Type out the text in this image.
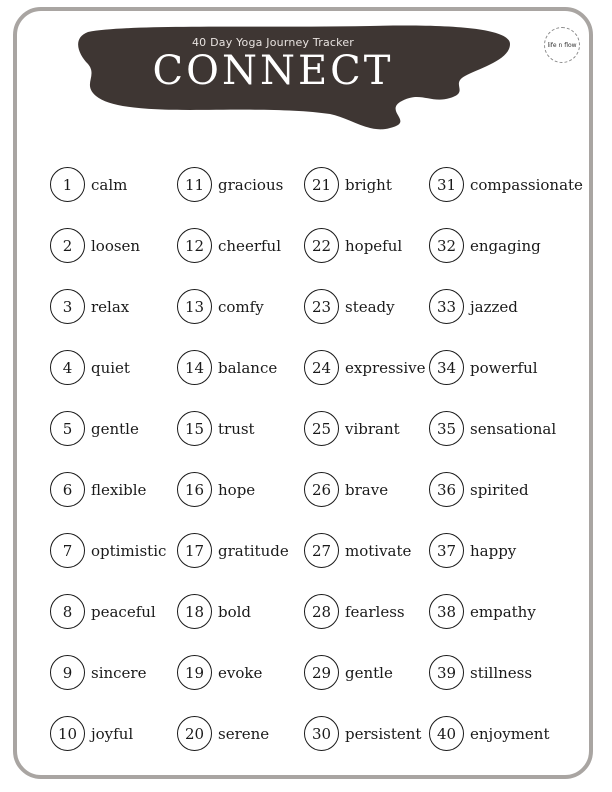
40 Day Yoga Journey Tracker
CONNECT
life n flow
1	calm
2	loosen
3	relax
4	quiet
5	gentle
6	flexible
7	optimistic
8	peaceful
9	sincere
10 joyful
11 gracious
12 cheerful
13 comfy
14 balance
15 trust
16 hope
17 gratitude
18 bold
19 evoke
20 serene
21 bright
22 hopeful
23 steady
24 expressive
25 vibrant
26 brave
27 motivate
28 fearless
29 gentle
30 persistent
31 compassionate
32 engaging
33 jazzed
34 powerful
35 sensational
36 spirited
37 happy
38 empathy
39 stillness
40 enjoyment
